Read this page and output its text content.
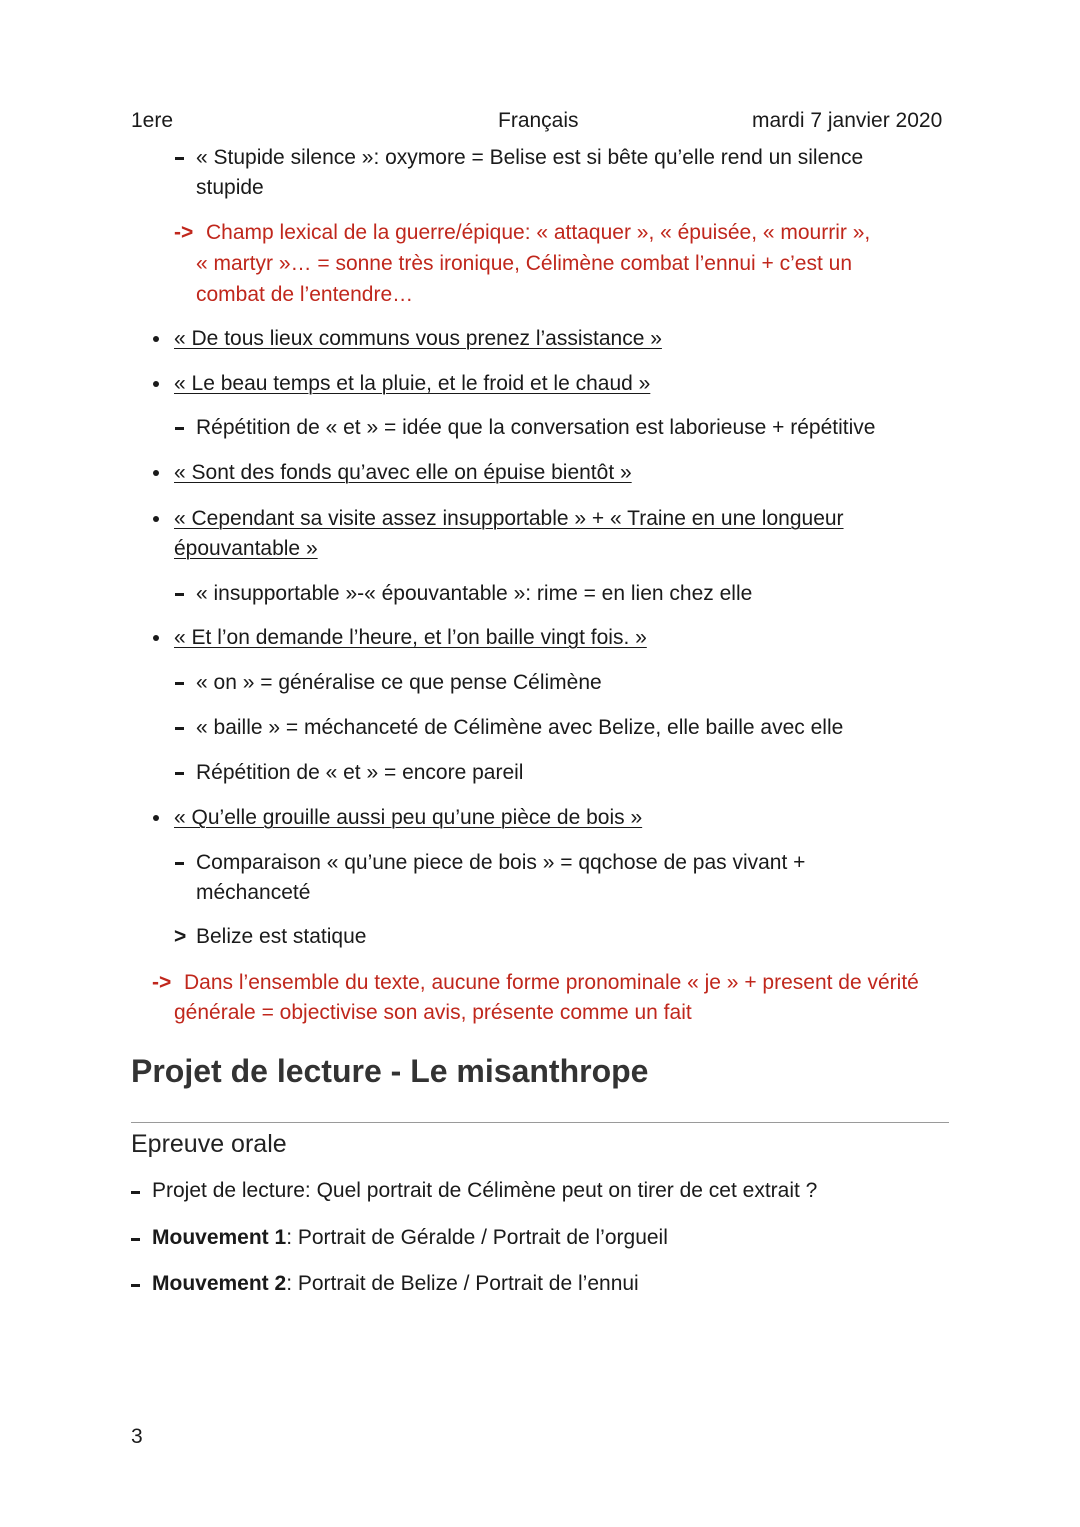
1ere	Français	mardi 7 janvier 2020
« Stupide silence »: oxymore = Belise est si bête qu’elle rend un silence
stupide
-> Champ lexical de la guerre/épique: « attaquer », « épuisée, « mourrir »,
« martyr »… = sonne très ironique, Célimène combat l’ennui + c’est un
combat de l’entendre…
« De tous lieux communs vous prenez l’assistance »
« Le beau temps et la pluie, et le froid et le chaud »
Répétition de « et » = idée que la conversation est laborieuse + répétitive
« Sont des fonds qu’avec elle on épuise bientôt »
« Cependant sa visite assez insupportable » + « Traine en une longueur
épouvantable »
« insupportable »-« épouvantable »: rime = en lien chez elle
« Et l’on demande l’heure, et l’on baille vingt fois. »
« on » = généralise ce que pense Célimène
« baille » = méchanceté de Célimène avec Belize, elle baille avec elle
Répétition de « et » = encore pareil
« Qu’elle grouille aussi peu qu’une pièce de bois »
Comparaison « qu’une piece de bois » = qqchose de pas vivant +
méchanceté
> Belize est statique
-> Dans l’ensemble du texte, aucune forme pronominale « je » + present de vérité
générale = objectivise son avis, présente comme un fait
Projet de lecture - Le misanthrope
Epreuve orale
Projet de lecture: Quel portrait de Célimène peut on tirer de cet extrait ?
Mouvement 1: Portrait de Géralde / Portrait de l’orgueil
Mouvement 2: Portrait de Belize / Portrait de l’ennui
3
